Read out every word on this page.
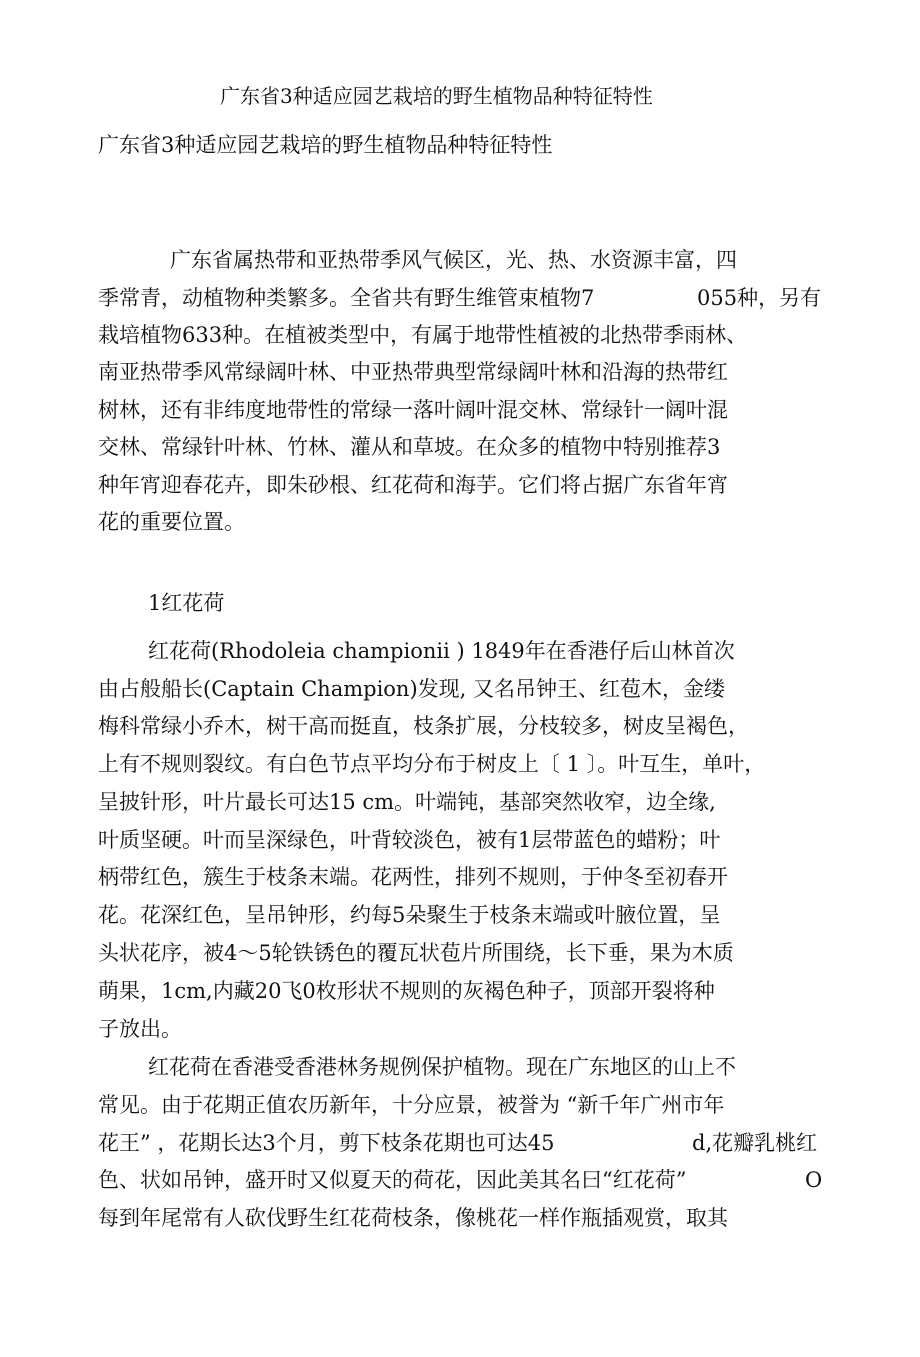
广东省3种适应园艺栽培的野生植物品种特征特性
广东省3种适应园艺栽培的野生植物品种特征特性
广东省属热带和亚热带季风气候区，光、热、水资源丰富，四
季常青，动植物种类繁多。全省共有野生维管束植物7	055种，另有
栽培植物633种。在植被类型中，有属于地带性植被的北热带季雨林、
南亚热带季风常绿阔叶林、中亚热带典型常绿阔叶林和沿海的热带红
树林，还有非纬度地带性的常绿一落叶阔叶混交林、常绿针一阔叶混
交林、常绿针叶林、竹林、灌从和草坡。在众多的植物中特别推荐3
种年宵迎春花卉，即朱砂根、红花荷和海芋。它们将占据广东省年宵
花的重要位置。
1红花荷
红花荷(Rhodoleia championii ) 1849年在香港仔后山林首次
由占般船长(Captain Champion)发现, 又名吊钟王、红苞木，金缕
梅科常绿小乔木，树干高而挺直，枝条扩展，分枝较多，树皮呈褐色，
上有不规则裂纹。有白色节点平均分布于树皮上〔 1 〕。叶互生，单叶，
呈披针形，叶片最长可达15 cm。叶端钝，基部突然收窄，边全缘,
叶质坚硬。叶而呈深绿色，叶背较淡色，被有1层带蓝色的蜡粉；叶
柄带红色，簇生于枝条末端。花两性，排列不规则，于仲冬至初春开
花。花深红色，呈吊钟形，约每5朵聚生于枝条末端或叶腋位置，呈
头状花序，被4～5轮铁锈色的覆瓦状苞片所围绕，长下垂，果为木质
萌果，1cm,内藏20飞0枚形状不规则的灰褐色种子，顶部开裂将种
子放出。
红花荷在香港受香港林务规例保护植物。现在广东地区的山上不
常见。由于花期正值农历新年，十分应景，被誉为 “新千年广州市年
花王” ，花期长达3个月，剪下枝条花期也可达45	d,花瓣乳桃红
色、状如吊钟，盛开时又似夏天的荷花，因此美其名曰“红花荷”	O
每到年尾常有人砍伐野生红花荷枝条，像桃花一样作瓶插观赏，取其
